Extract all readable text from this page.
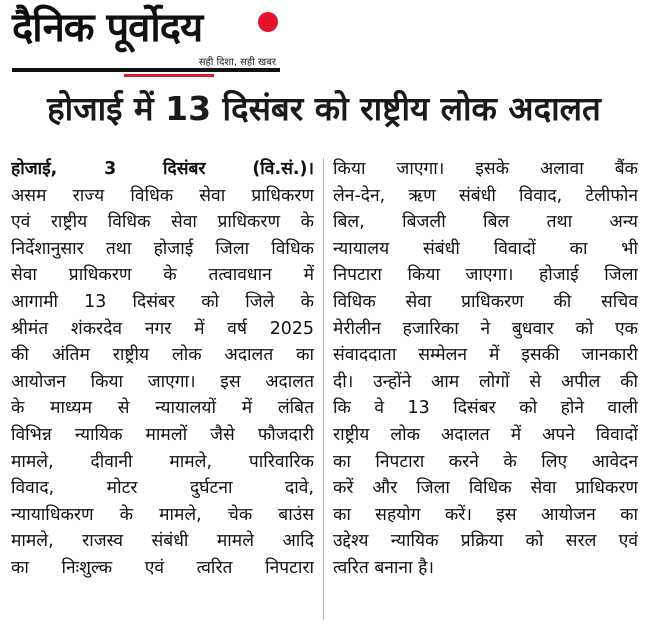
दैनिक पूर्वोदय
सही दिशा, सही खबर
होजाई में 13 दिसंबर को राष्ट्रीय लोक अदालत
होजाई, 3 दिसंबर (वि.सं.)।
असम राज्य विधिक सेवा प्राधिकरण
एवं राष्ट्रीय विधिक सेवा प्राधिकरण के
निर्देशानुसार तथा होजाई जिला विधिक
सेवा प्राधिकरण के तत्वावधान में
आगामी 13 दिसंबर को जिले के
श्रीमंत शंकरदेव नगर में वर्ष 2025
की अंतिम राष्ट्रीय लोक अदालत का
आयोजन किया जाएगा। इस अदालत
के माध्यम से न्यायालयों में लंबित
विभिन्न न्यायिक मामलों जैसे फौजदारी
मामले, दीवानी मामले, पारिवारिक
विवाद, मोटर दुर्घटना दावे,
न्यायाधिकरण के मामले, चेक बाउंस
मामले, राजस्व संबंधी मामले आदि
का निःशुल्क एवं त्वरित निपटारा
किया जाएगा। इसके अलावा बैंक
लेन-देन, ऋण संबंधी विवाद, टेलीफोन
बिल, बिजली बिल तथा अन्य
न्यायालय संबंधी विवादों का भी
निपटारा किया जाएगा। होजाई जिला
विधिक सेवा प्राधिकरण की सचिव
मेरीलीन हजारिका ने बुधवार को एक
संवाददाता सम्मेलन में इसकी जानकारी
दी। उन्होंने आम लोगों से अपील की
कि वे 13 दिसंबर को होने वाली
राष्ट्रीय लोक अदालत में अपने विवादों
का निपटारा करने के लिए आवेदन
करें और जिला विधिक सेवा प्राधिकरण
का सहयोग करें। इस आयोजन का
उद्देश्य न्यायिक प्रक्रिया को सरल एवं
त्वरित बनाना है।
